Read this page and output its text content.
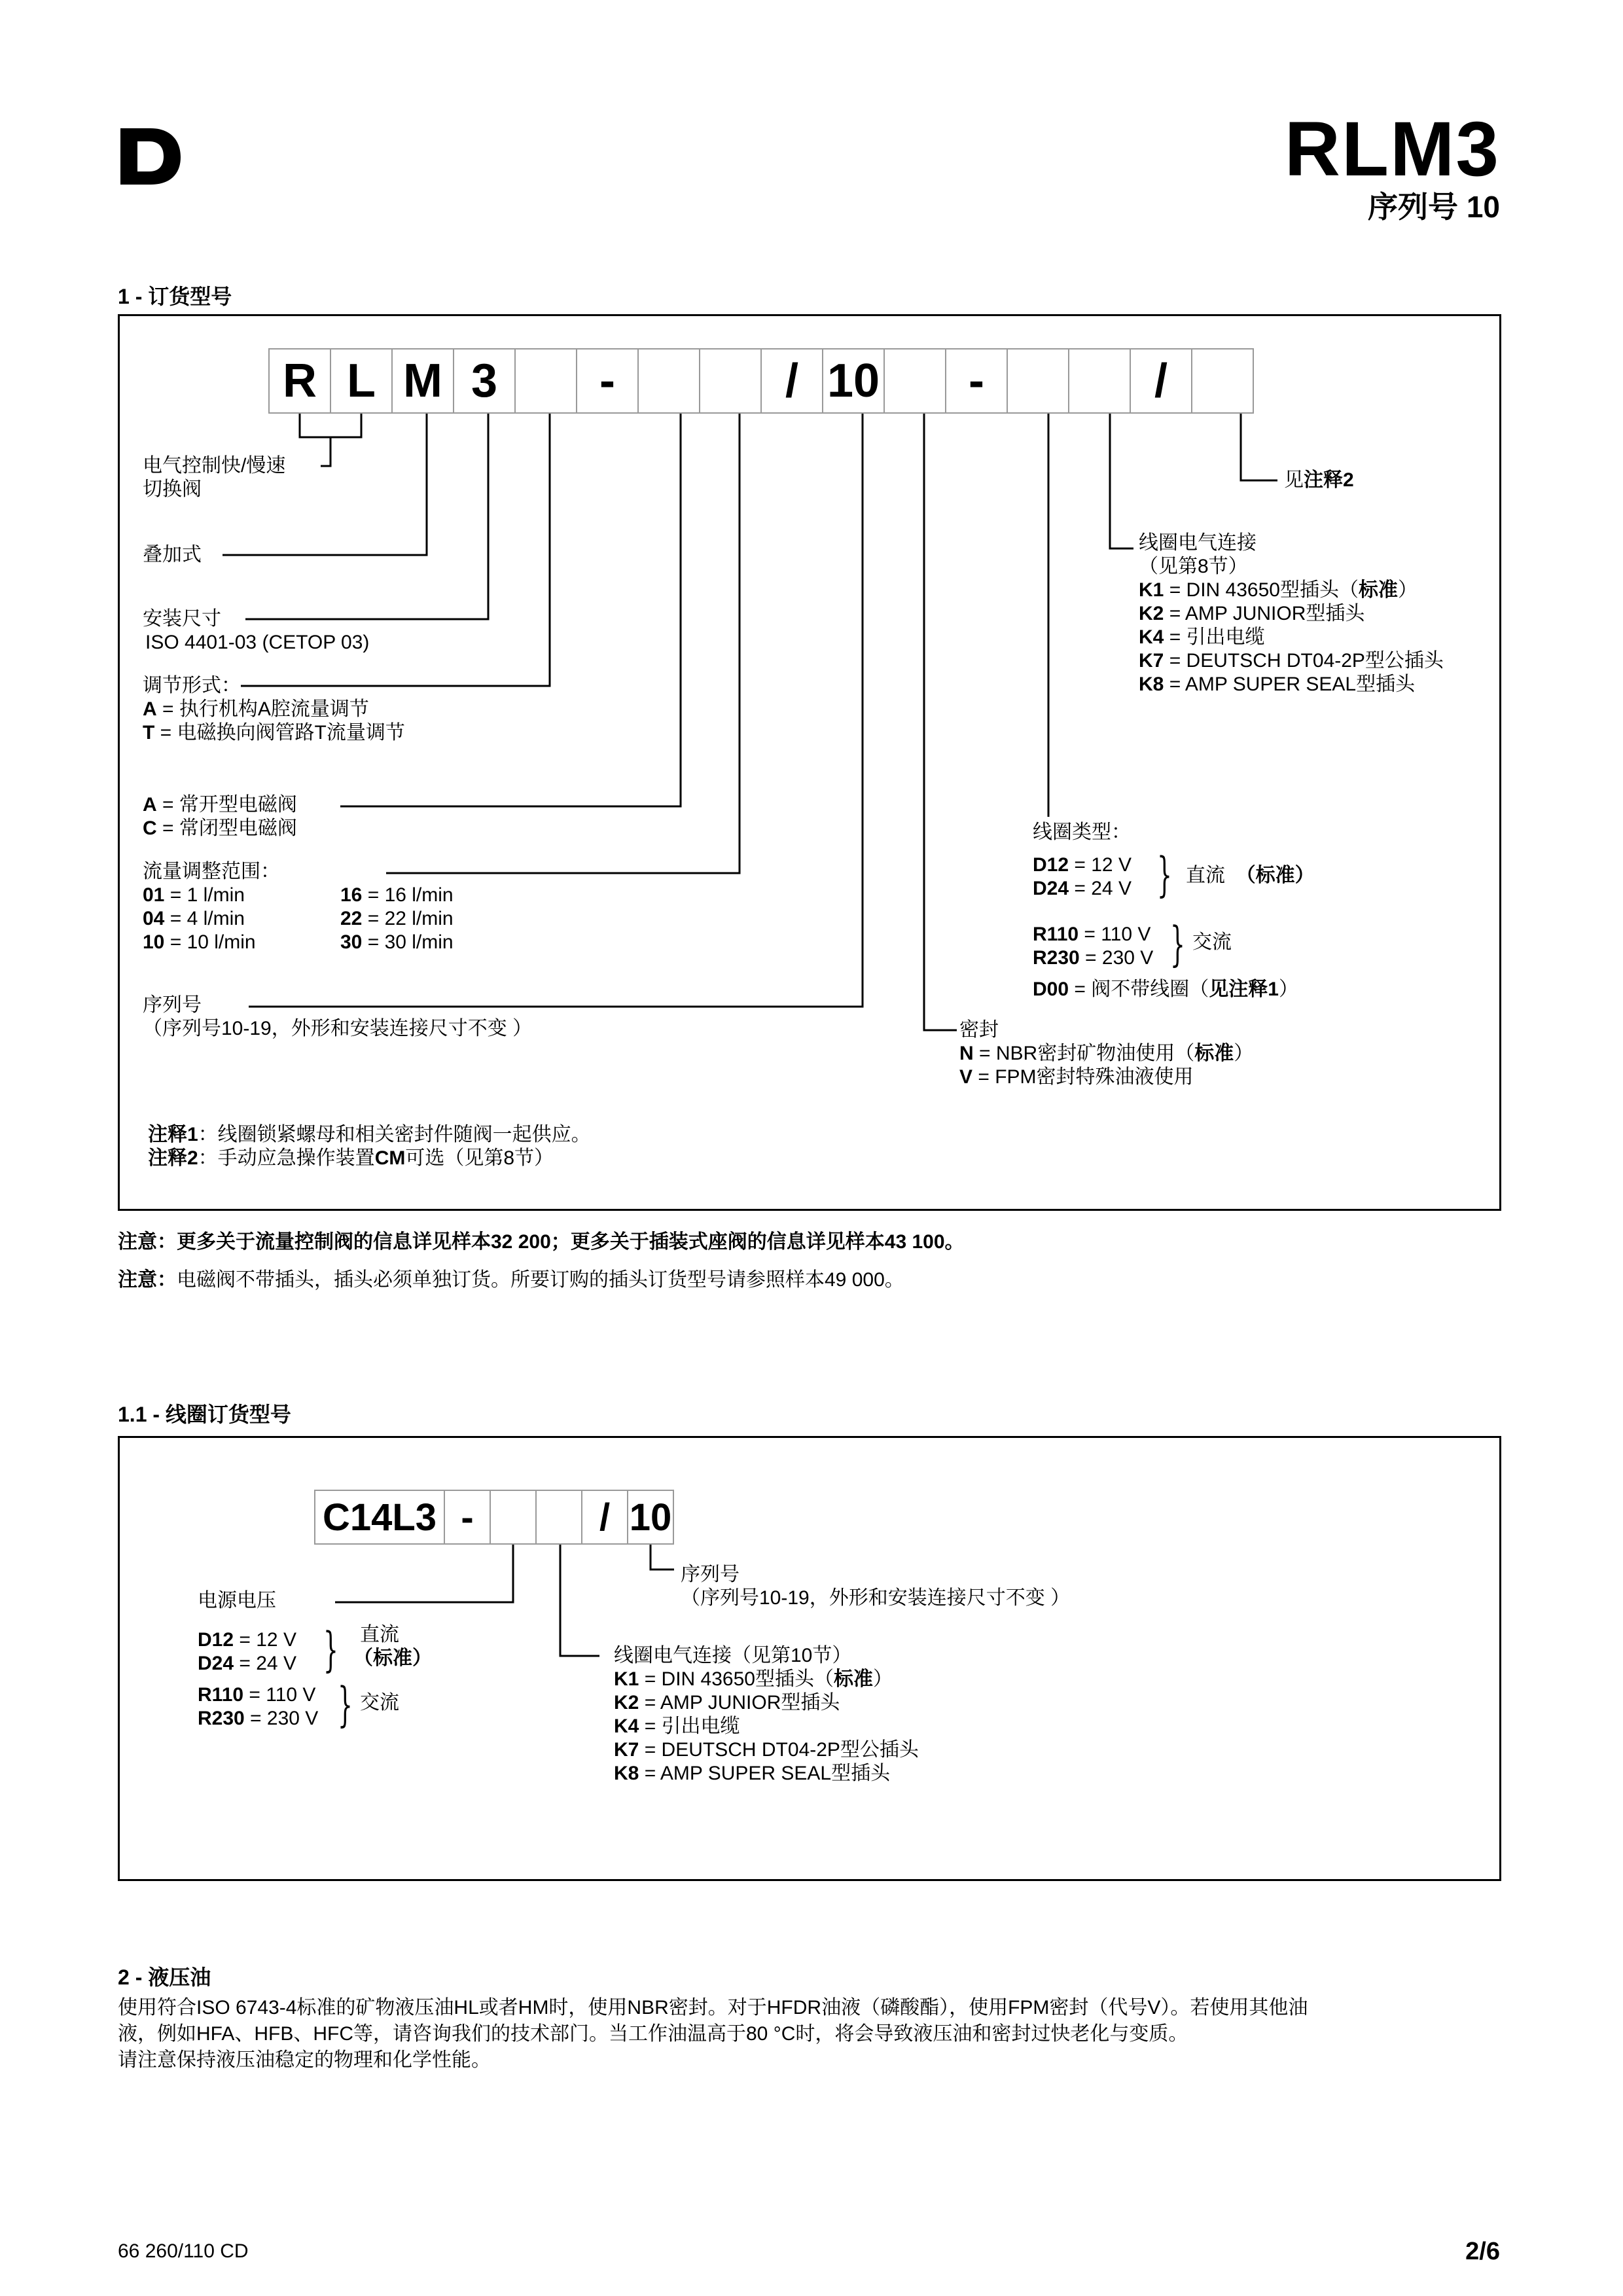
RLM3
序列号 10
1 - 订货型号
R L M 3	-	/ 10	-	/
电气控制快/慢速
切换阀
叠加式
安装尺寸
ISO 4401-03 (CETOP 03)
调节形式：
A = 执行机构A腔流量调节
T = 电磁换向阀管路T流量调节
A = 常开型电磁阀
C = 常闭型电磁阀
流量调整范围：
01 = 1 l/min
04 = 4 l/min
10 = 10 l/min
16 = 16 l/min
22 = 22 l/min
30 = 30 l/min
序列号
（序列号10-19，外形和安装连接尺寸不变 ）
见注释2
线圈电气连接
（见第8节）
K1 = DIN 43650型插头（标准）
K2 = AMP JUNIOR型插头
K4 = 引出电缆
K7 = DEUTSCH DT04-2P型公插头
K8 = AMP SUPER SEAL型插头
线圈类型：
D12 = 12 V
D24 = 24 V } 直流 （标准）
R110 = 110 V
R230 = 230 V } 交流
D00 = 阀不带线圈（见注释1）
密封
N = NBR密封矿物油使用（标准）
V = FPM密封特殊油液使用
注释1：线圈锁紧螺母和相关密封件随阀一起供应。
注释2：手动应急操作装置CM可选（见第8节）
注意：更多关于流量控制阀的信息详见样本32 200；更多关于插装式座阀的信息详见样本43 100。
注意：电磁阀不带插头，插头必须单独订货。所要订购的插头订货型号请参照样本49 000。
1.1 - 线圈订货型号
C14L3 -	/ 10
序列号
（序列号10-19，外形和安装连接尺寸不变 ）
电源电压
D12 = 12 V
D24 = 24 V } 直流
（标准）
R110 = 110 V
R230 = 230 V } 交流
线圈电气连接（见第10节）
K1 = DIN 43650型插头（标准）
K2 = AMP JUNIOR型插头
K4 = 引出电缆
K7 = DEUTSCH DT04-2P型公插头
K8 = AMP SUPER SEAL型插头
2 - 液压油
使用符合ISO 6743-4标准的矿物液压油HL或者HM时，使用NBR密封。对于HFDR油液（磷酸酯），使用FPM密封（代号V）。若使用其他油
液，例如HFA、HFB、HFC等，请咨询我们的技术部门。当工作油温高于80 °C时，将会导致液压油和密封过快老化与变质。
请注意保持液压油稳定的物理和化学性能。
66 260/110 CD	2/6
